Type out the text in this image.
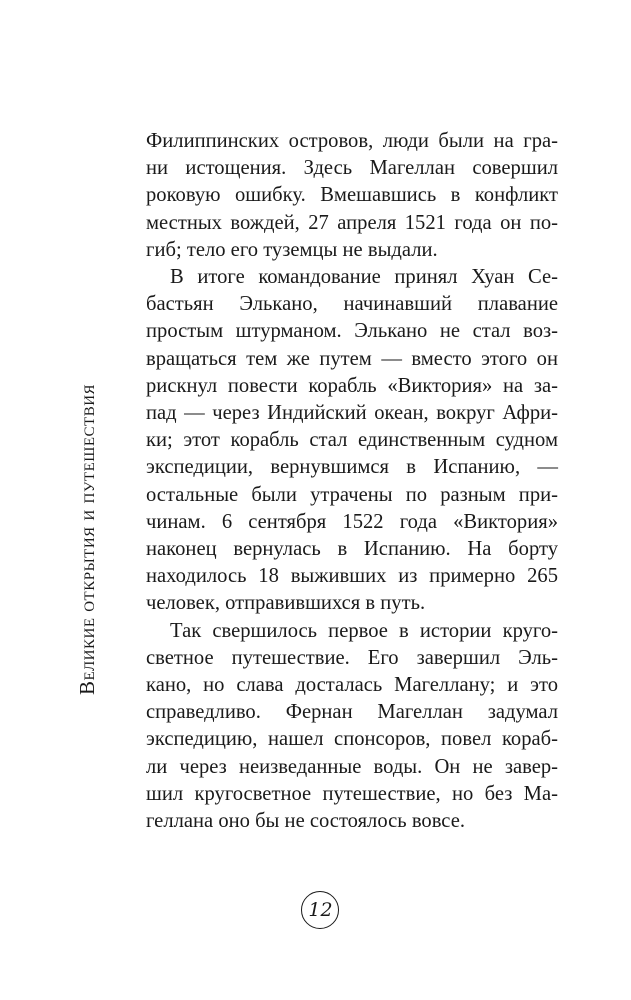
Великие открытия и путешествия
Филиппинских островов, люди были на гра-
ни истощения. Здесь Магеллан совершил
роковую ошибку. Вмешавшись в конфликт
местных вождей, 27 апреля 1521 года он по-
гиб; тело его туземцы не выдали.
В итоге командование принял Хуан Се-
бастьян Элькано, начинавший плавание
простым штурманом. Элькано не стал воз-
вращаться тем же путем — вместо этого он
рискнул повести корабль «Виктория» на за-
пад — через Индийский океан, вокруг Афри-
ки; этот корабль стал единственным судном
экспедиции, вернувшимся в Испанию, —
остальные были утрачены по разным при-
чинам. 6 сентября 1522 года «Виктория»
наконец вернулась в Испанию. На борту
находилось 18 выживших из примерно 265
человек, отправившихся в путь.
Так свершилось первое в истории круго-
светное путешествие. Его завершил Эль-
кано, но слава досталась Магеллану; и это
справедливо. Фернан Магеллан задумал
экспедицию, нашел спонсоров, повел кораб-
ли через неизведанные воды. Он не завер-
шил кругосветное путешествие, но без Ма-
геллана оно бы не состоялось вовсе.
12
